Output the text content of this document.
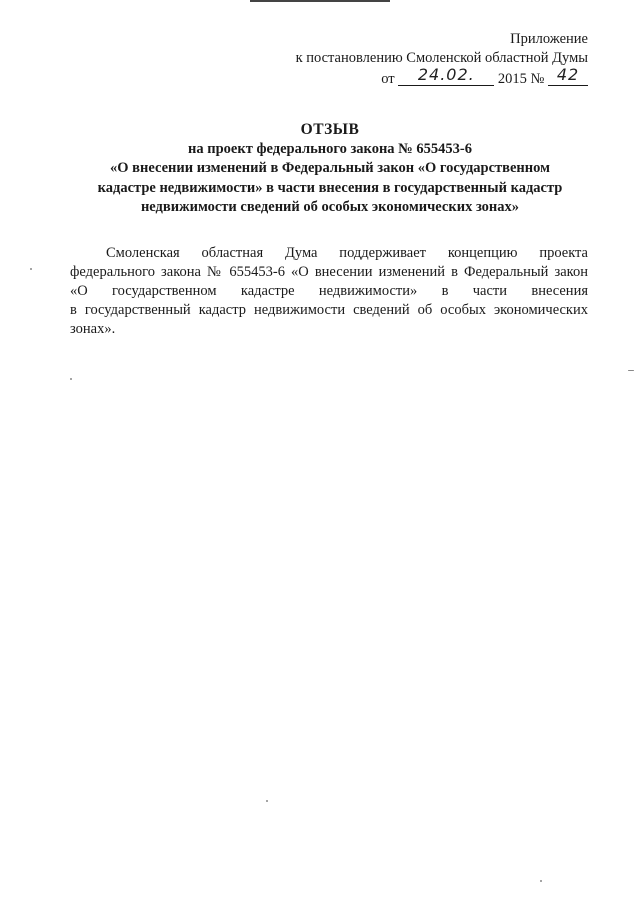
Приложение
к постановлению Смоленской областной Думы
от 24.02. 2015 № 42
ОТЗЫВ
на проект федерального закона № 655453-6
«О внесении изменений в Федеральный закон «О государственном
кадастре недвижимости» в части внесения в государственный кадастр
недвижимости сведений об особых экономических зонах»
Смоленская областная Дума поддерживает концепцию проекта
федерального закона № 655453-6 «О внесении изменений в Федеральный закон
«О государственном кадастре недвижимости» в части внесения
в государственный кадастр недвижимости сведений об особых экономических
зонах».
